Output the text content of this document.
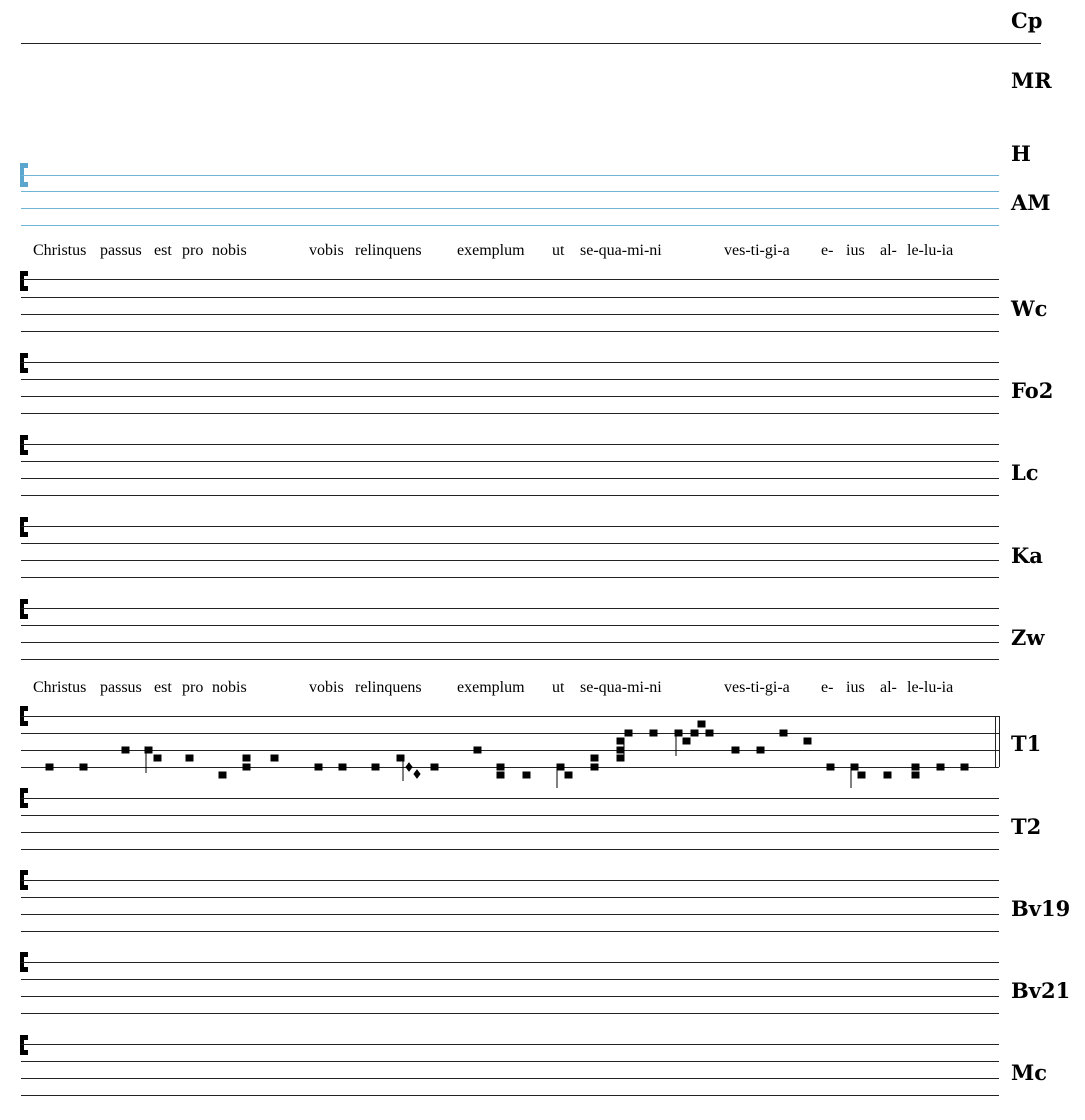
Cp
MR
H
AM
Christus passus est pro nobis	vobis relinquens exemplum ut se-qua-mi-ni	ves-ti-gi-a e- ius al- le-lu-ia
Wc
Fo2
Lc
Ka
Zw
Christus passus est pro nobis	vobis relinquens exemplum ut se-qua-mi-ni	ves-ti-gi-a e- ius al- le-lu-ia
T1
T2
Bv19
Bv21
Mc
